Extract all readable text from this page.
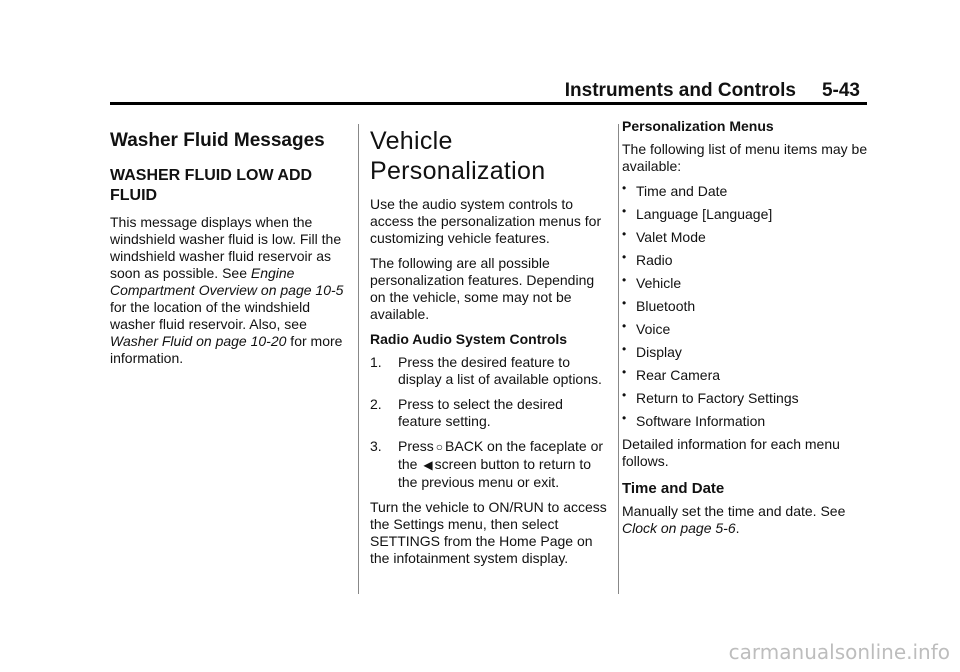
Instruments and Controls 5-43
Washer Fluid Messages
WASHER FLUID LOW ADD FLUID

This message displays when the windshield washer fluid is low. Fill the windshield washer fluid reservoir as soon as possible. See Engine Compartment Overview on page 10-5 for the location of the windshield washer fluid reservoir. Also, see Washer Fluid on page 10-20 for more information.

Vehicle Personalization

Use the audio system controls to access the personalization menus for customizing vehicle features.

The following are all possible personalization features. Depending on the vehicle, some may not be available.

Radio Audio System Controls

1. Press the desired feature to display a list of available options.
2. Press to select the desired feature setting.
3. Press ○ BACK on the faceplate or the ◀ screen button to return to the previous menu or exit.

Turn the vehicle to ON/RUN to access the Settings menu, then select SETTINGS from the Home Page on the infotainment system display.

Personalization Menus

The following list of menu items may be available:

• Time and Date
• Language [Language]
• Valet Mode
• Radio
• Vehicle
• Bluetooth
• Voice
• Display
• Rear Camera
• Return to Factory Settings
• Software Information

Detailed information for each menu follows.

Time and Date

Manually set the time and date. See Clock on page 5-6.

carmanualsonline.info
